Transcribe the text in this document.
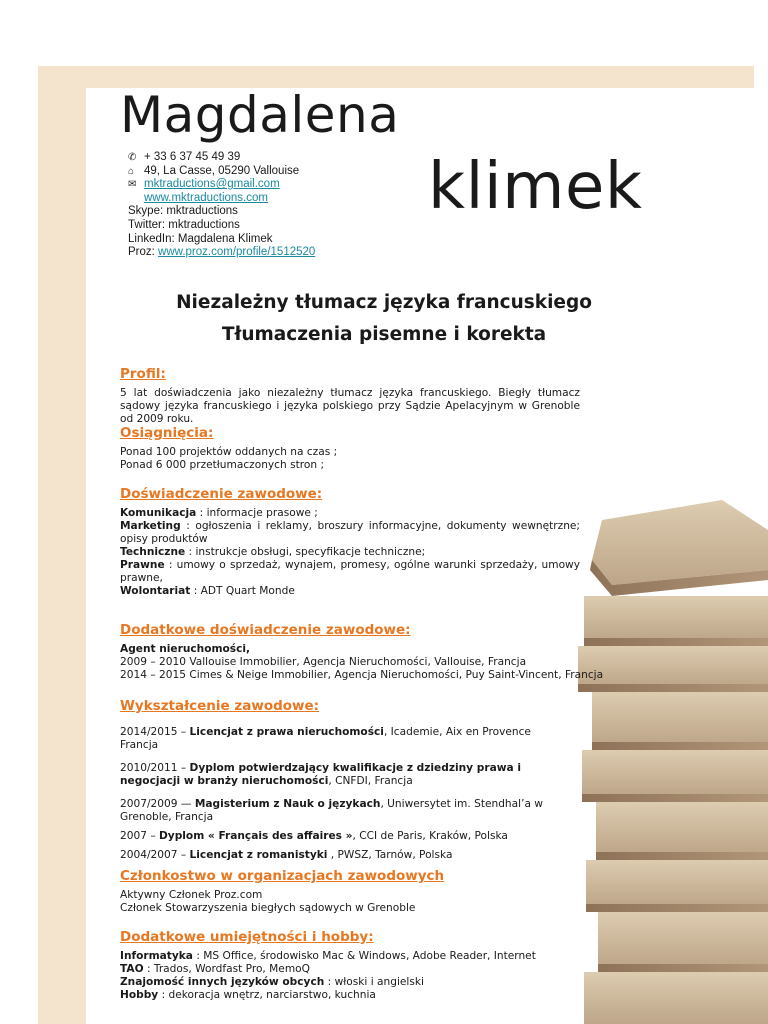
Magdalena
klimek
✆ + 33 6 37 45 49 39
⌂ 49, La Casse, 05290 Vallouise
✉ mktraductions@gmail.com
www.mktraductions.com
Skype: mktraductions
Twitter: mktraductions
LinkedIn: Magdalena Klimek
Proz:
www.proz.com/profile/1512520
Niezależny tłumacz języka francuskiego
Tłumaczenia pisemne i korekta
Profil:

5 lat doświadczenia jako niezależny tłumacz języka francuskiego. Biegły tłumacz sądowy języka francuskiego i języka polskiego przy Sądzie Apelacyjnym w Grenoble od 2009 roku.

Osiągnięcia:

Ponad 100 projektów oddanych na czas ;

Ponad 6 000 przetłumaczonych stron ;

Doświadczenie zawodowe:

Komunikacja : informacje prasowe ;

Marketing : ogłoszenia i reklamy, broszury informacyjne, dokumenty wewnętrzne; opisy produktów

Techniczne : instrukcje obsługi, specyfikacje techniczne;

Prawne : umowy o sprzedaż, wynajem, promesy, ogólne warunki sprzedaży, umowy prawne,

Wolontariat : ADT Quart Monde

Dodatkowe doświadczenie zawodowe:

Agent nieruchomości,

2009 – 2010 Vallouise Immobilier, Agencja Nieruchomości, Vallouise, Francja

2014 – 2015 Cimes & Neige Immobilier, Agencja Nieruchomości, Puy Saint-Vincent, Francja

Wykształcenie zawodowe:

2014/2015 – Licencjat z prawa nieruchomości, Icademie, Aix en Provence Francja

2010/2011 – Dyplom potwierdzający kwalifikacje z dziedziny prawa i negocjacji w branży nieruchomości, CNFDI, Francja

2007/2009 — Magisterium z Nauk o językach, Uniwersytet im. Stendhal’a w Grenoble, Francja

2007 – Dyplom « Français des affaires », CCI de Paris, Kraków, Polska

2004/2007 – Licencjat z romanistyki , PWSZ, Tarnów, Polska

Członkostwo w organizacjach zawodowych

Aktywny Członek Proz.com

Członek Stowarzyszenia biegłych sądowych w Grenoble

Dodatkowe umiejętności i hobby:

Informatyka : MS Office, środowisko Mac & Windows, Adobe Reader, Internet

TAO : Trados, Wordfast Pro, MemoQ

Znajomość innych języków obcych : włoski i angielski

Hobby : dekoracja wnętrz, narciarstwo, kuchnia
